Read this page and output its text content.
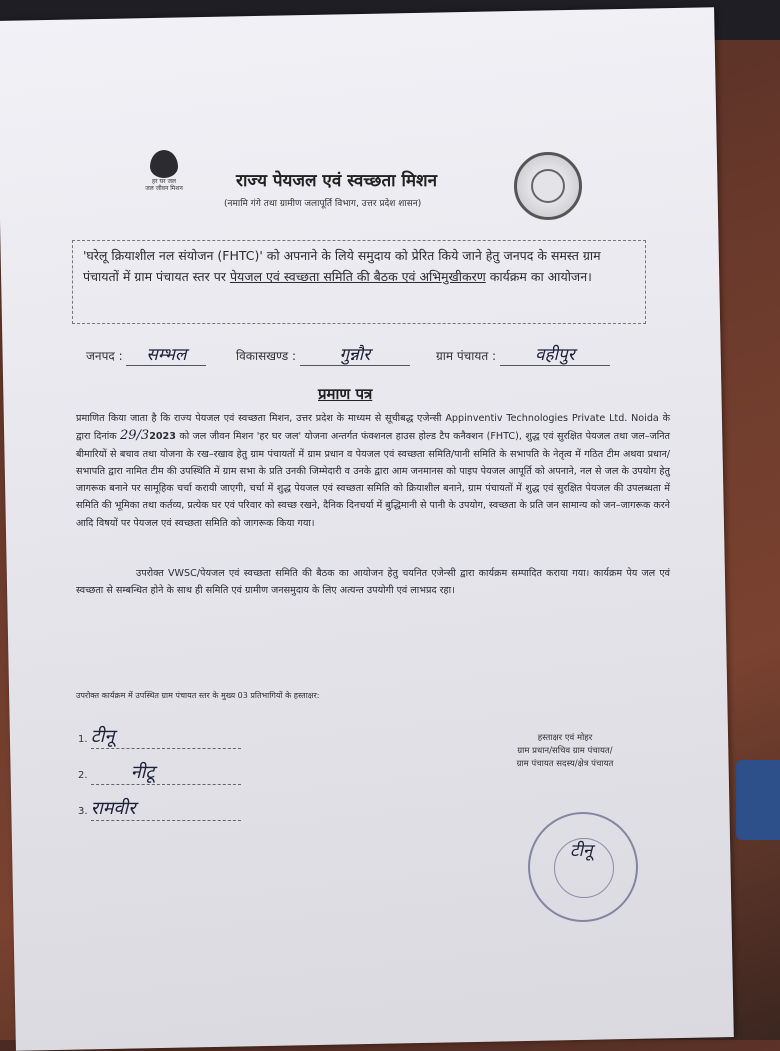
हर घर जल
जल जीवन मिशन	राज्य पेयजल एवं स्वच्छता मिशन
(नमामि गंगे तथा ग्रामीण जलापूर्ति विभाग, उत्तर प्रदेश शासन)
'घरेलू क्रियाशील नल संयोजन (FHTC)' को अपनाने के लिये समुदाय को प्रेरित किये जाने हेतु जनपद के समस्त ग्राम पंचायतों में ग्राम पंचायत स्तर पर पेयजल एवं स्वच्छता समिति की बैठक एवं अभिमुखीकरण कार्यक्रम का आयोजन।
जनपद : सम्भल	विकासखण्ड :	गुन्नौर	ग्राम पंचायत : वहीपुर
प्रमाण पत्र
प्रमाणित किया जाता है कि राज्य पेयजल एवं स्वच्छता मिशन, उत्तर प्रदेश के माध्यम से सूचीबद्ध एजेन्सी Appinventiv Technologies Private Ltd. Noida के द्वारा दिनांक 29/32023 को जल जीवन मिशन 'हर घर जल' योजना अन्तर्गत फंक्शनल हाउस होल्ड टैप कनैक्शन (FHTC), शुद्ध एवं सुरक्षित पेयजल तथा जल–जनित बीमारियों से बचाव तथा योजना के रख–रखाव हेतु ग्राम पंचायतों में ग्राम प्रधान व पेयजल एवं स्वच्छता समिति/पानी समिति के सभापति के नेतृत्व में गठित टीम अथवा प्रधान/सभापति द्वारा नामित टीम की उपस्थिति में ग्राम सभा के प्रति उनकी जिम्मेदारी व उनके द्वारा आम जनमानस को पाइप पेयजल आपूर्ति को अपनाने, नल से जल के उपयोग हेतु जागरूक बनाने पर सामूहिक चर्चा करायी जाएगी, चर्चा में शुद्ध पेयजल एवं स्वच्छता समिति को क्रियाशील बनाने, ग्राम पंचायतों में शुद्ध एवं सुरक्षित पेयजल की उपलब्धता में समिति की भूमिका तथा कर्तव्य, प्रत्येक घर एवं परिवार को स्वच्छ रखने, दैनिक दिनचर्या में बुद्धिमानी से पानी के उपयोग, स्वच्छता के प्रति जन सामान्य को जन–जागरूक करने आदि विषयों पर पेयजल एवं स्वच्छता समिति को जागरूक किया गया।
उपरोक्त VWSC/पेयजल एवं स्वच्छता समिति की बैठक का आयोजन हेतु चयनित एजेन्सी द्वारा कार्यक्रम सम्पादित कराया गया। कार्यक्रम पेय जल एवं स्वच्छता से सम्बन्धित होने के साथ ही समिति एवं ग्रामीण जनसमुदाय के लिए अत्यन्त उपयोगी एवं लाभप्रद रहा।
उपरोक्त कार्यक्रम में उपस्थित ग्राम पंचायत स्तर के मुख्य 03 प्रतिभागियों के हस्ताक्षर:
1. टीनू
2. नीटू
3. रामवीर
हस्ताक्षर एवं मोहर
ग्राम प्रधान/सचिव ग्राम पंचायत/
ग्राम पंचायत सदस्य/क्षेत्र पंचायत
टीनू
